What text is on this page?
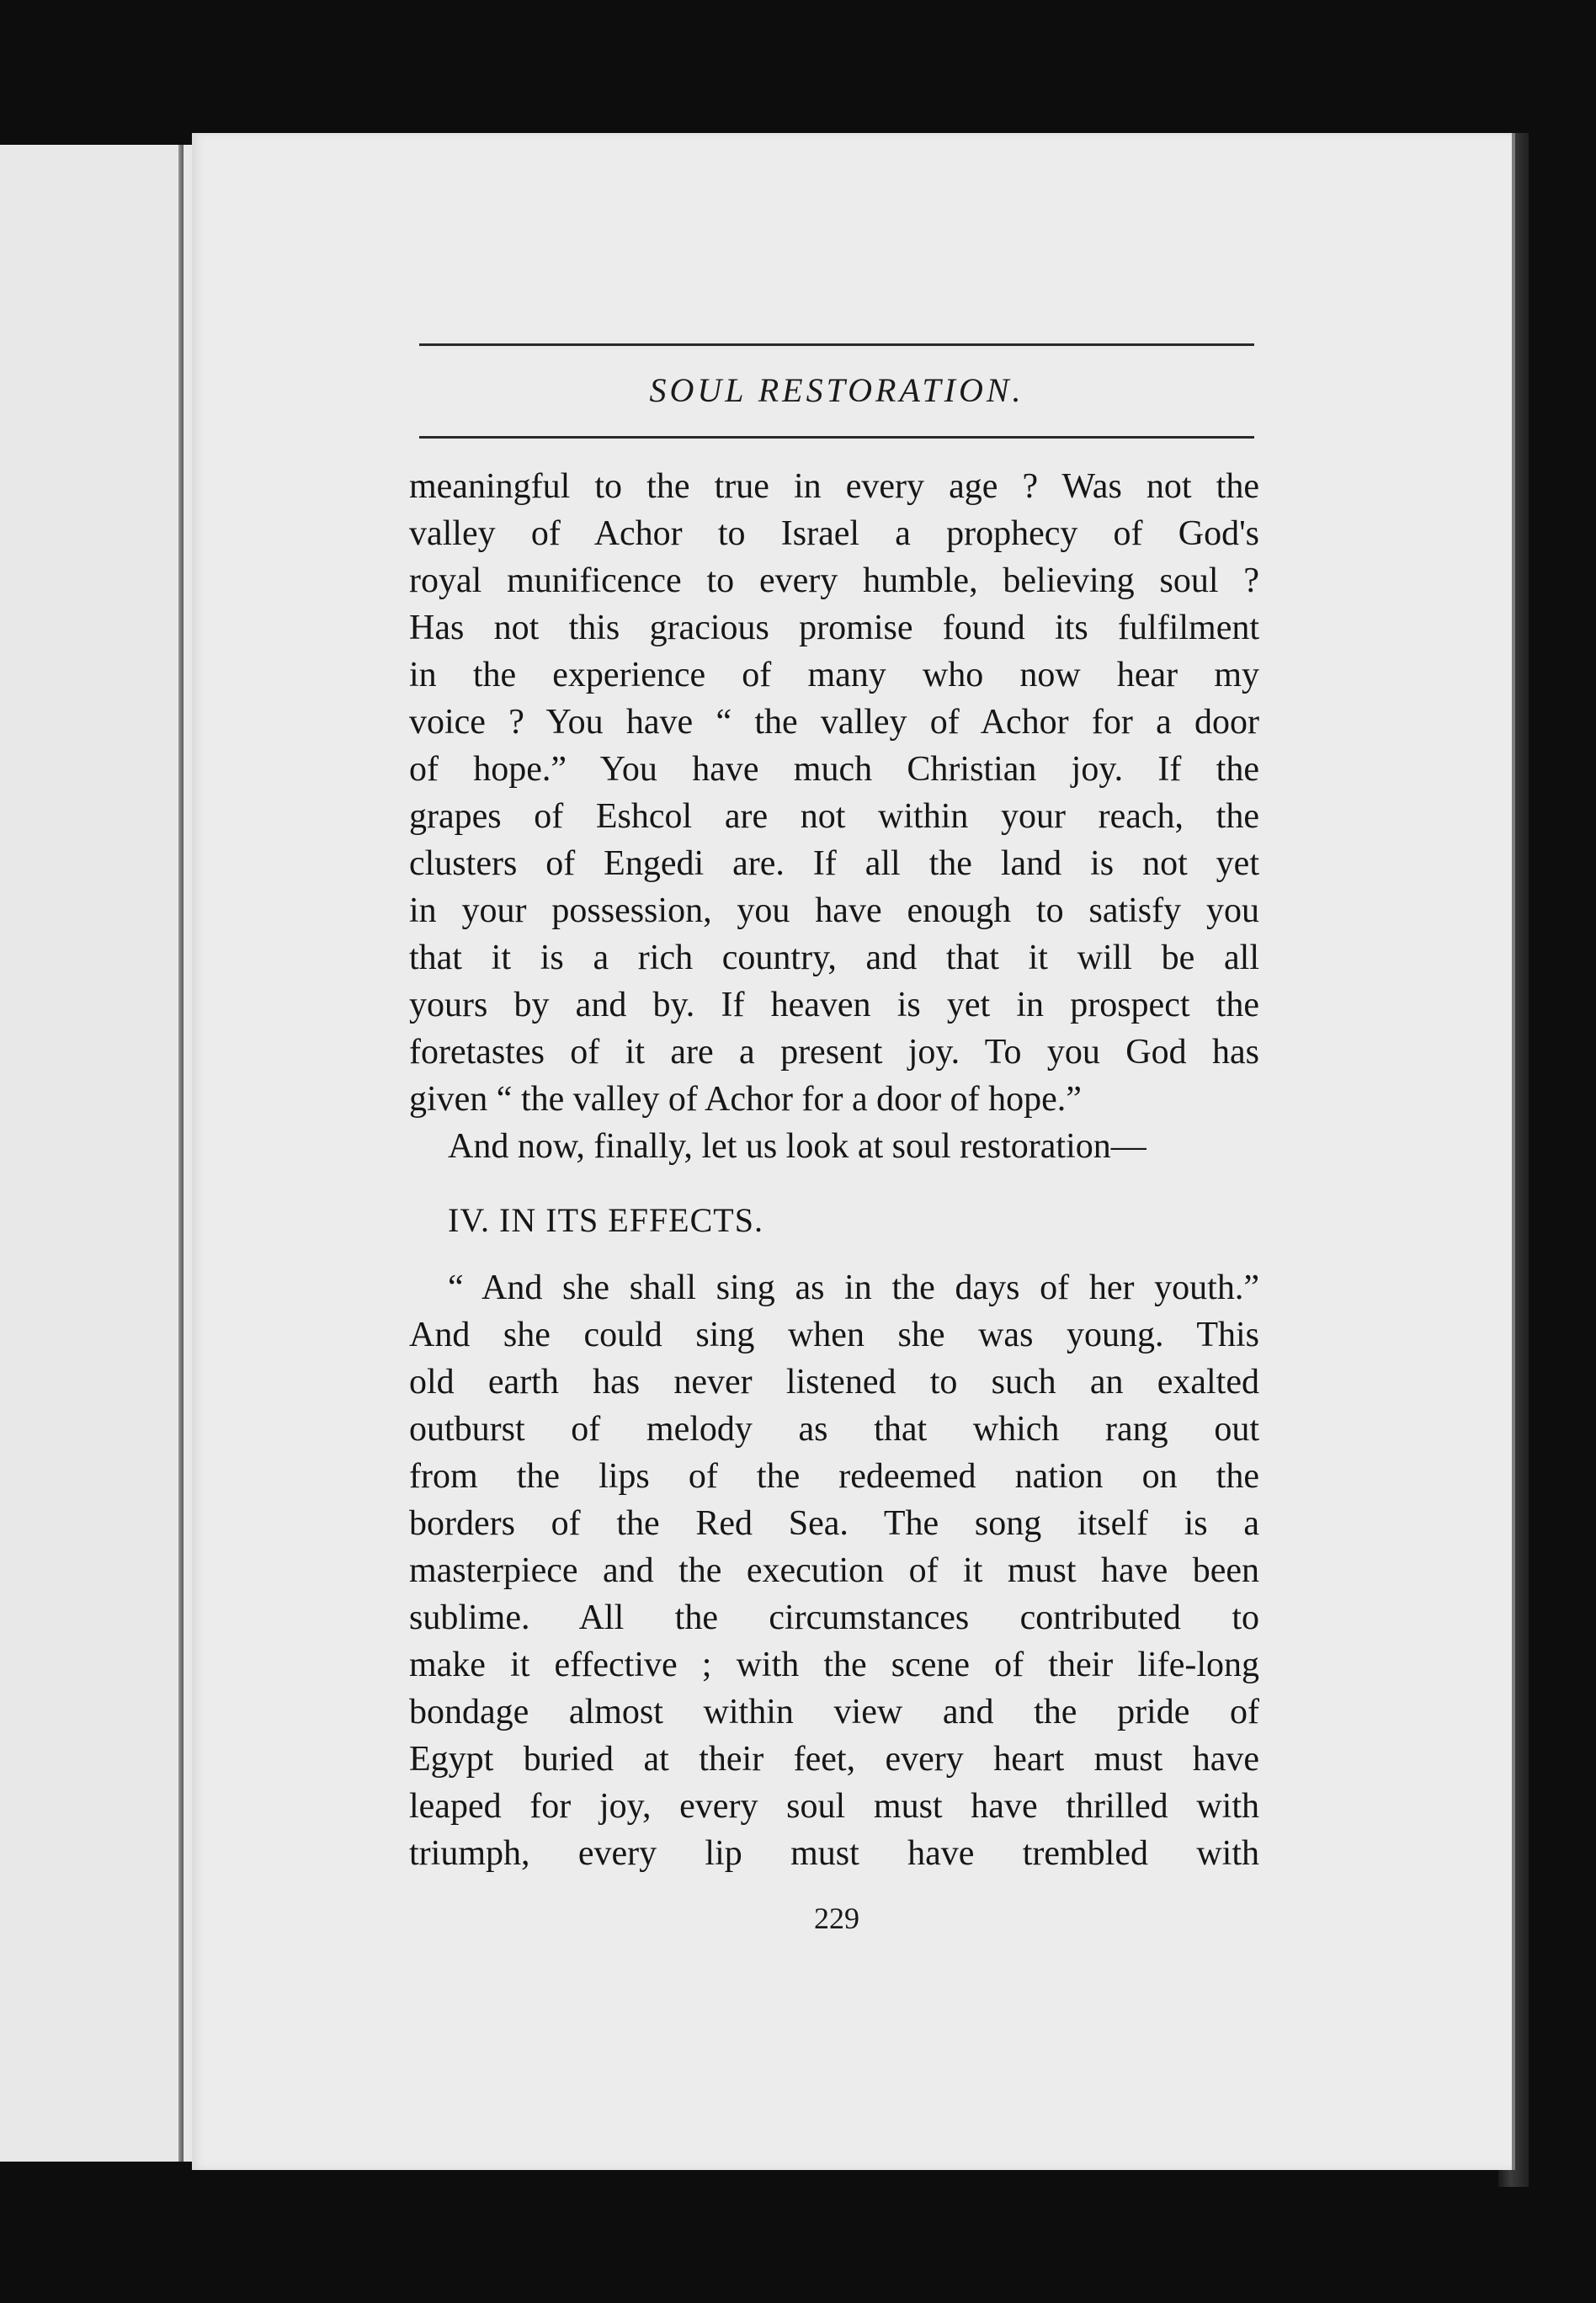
SOUL RESTORATION.
meaningful to the true in every age ? Was not the
valley of Achor to Israel a prophecy of God's
royal munificence to every humble, believing soul ?
Has not this gracious promise found its fulfilment
in the experience of many who now hear my
voice ? You have “ the valley of Achor for a door
of hope.” You have much Christian joy. If the
grapes of Eshcol are not within your reach, the
clusters of Engedi are. If all the land is not yet
in your possession, you have enough to satisfy you
that it is a rich country, and that it will be all
yours by and by. If heaven is yet in prospect the
foretastes of it are a present joy. To you God has
given “ the valley of Achor for a door of hope.”
And now, finally, let us look at soul restoration—
IV. IN ITS EFFECTS.
“ And she shall sing as in the days of her youth.”
And she could sing when she was young. This
old earth has never listened to such an exalted
outburst of melody as that which rang out
from the lips of the redeemed nation on the
borders of the Red Sea. The song itself is a
masterpiece and the execution of it must have been
sublime. All the circumstances contributed to
make it effective ; with the scene of their life-long
bondage almost within view and the pride of
Egypt buried at their feet, every heart must have
leaped for joy, every soul must have thrilled with
triumph, every lip must have trembled with
229
